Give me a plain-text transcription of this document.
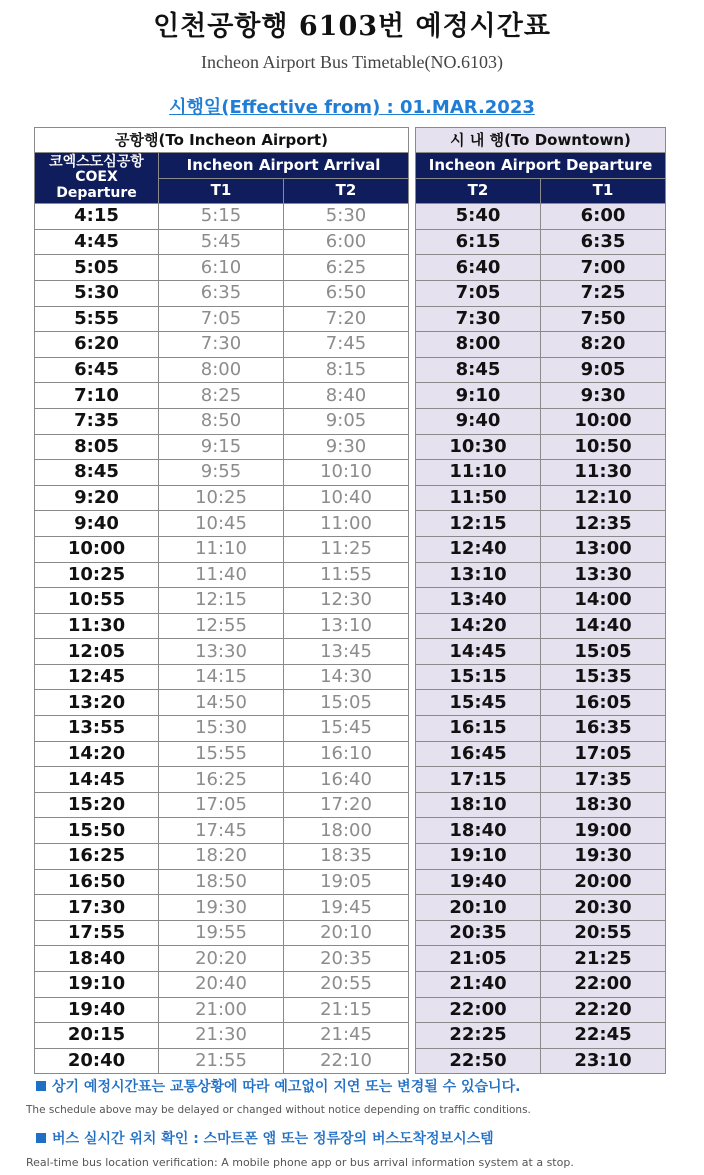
인천공항행 6103번 예정시간표
Incheon Airport Bus Timetable(NO.6103)
시행일(Effective from) : 01.MAR.2023
공항행(To Incheon Airport)		
코엑스도심공항
COEX Departure	Incheon Airport Arrival	
	T1	T2
4:15	5:15	5:30
4:45	5:45	6:00
5:05	6:10	6:25
5:30	6:35	6:50
5:55	7:05	7:20
6:20	7:30	7:45
6:45	8:00	8:15
7:10	8:25	8:40
7:35	8:50	9:05
8:05	9:15	9:30
8:45	9:55	10:10
9:20	10:25	10:40
9:40	10:45	11:00
10:00	11:10	11:25
10:25	11:40	11:55
10:55	12:15	12:30
11:30	12:55	13:10
12:05	13:30	13:45
12:45	14:15	14:30
13:20	14:50	15:05
13:55	15:30	15:45
14:20	15:55	16:10
14:45	16:25	16:40
15:20	17:05	17:20
15:50	17:45	18:00
16:25	18:20	18:35
16:50	18:50	19:05
17:30	19:30	19:45
17:55	19:55	20:10
18:40	20:20	20:35
19:10	20:40	20:55
19:40	21:00	21:15
20:15	21:30	21:45
20:40	21:55	22:10
시 내 행(To Downtown)	
Incheon Airport Departure	
T2	T1
5:40	6:00
6:15	6:35
6:40	7:00
7:05	7:25
7:30	7:50
8:00	8:20
8:45	9:05
9:10	9:30
9:40	10:00
10:30	10:50
11:10	11:30
11:50	12:10
12:15	12:35
12:40	13:00
13:10	13:30
13:40	14:00
14:20	14:40
14:45	15:05
15:15	15:35
15:45	16:05
16:15	16:35
16:45	17:05
17:15	17:35
18:10	18:30
18:40	19:00
19:10	19:30
19:40	20:00
20:10	20:30
20:35	20:55
21:05	21:25
21:40	22:00
22:00	22:20
22:25	22:45
22:50	23:10
상기 예정시간표는 교통상황에 따라 예고없이 지연 또는 변경될 수 있습니다.
The schedule above may be delayed or changed without notice depending on traffic conditions.
버스 실시간 위치 확인 : 스마트폰 앱 또는 정류장의 버스도착정보시스템
Real-time bus location verification: A mobile phone app or bus arrival information system at a stop.
